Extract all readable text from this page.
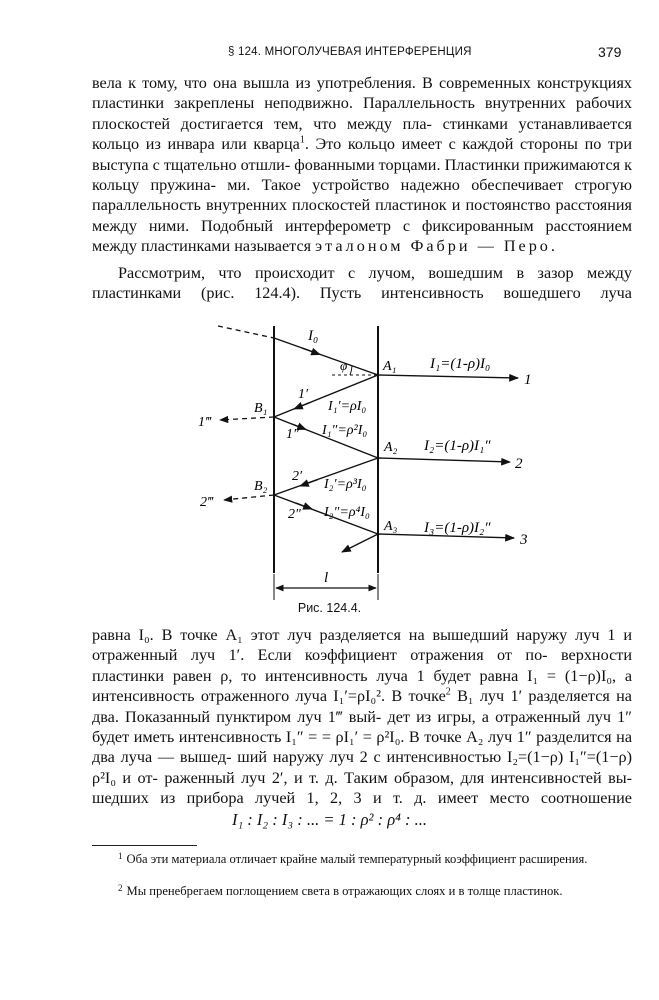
§ 124. МНОГОЛУЧЕВАЯ ИНТЕРФЕРЕНЦИЯ	379
вела к тому, что она вышла из употребления. В современных конструкциях пластинки закреплены неподвижно. Параллельность внутренних рабочих плоскостей достигается тем, что между пла- стинками устанавливается кольцо из инвара или кварца$^1$. Это кольцо имеет с каждой стороны по три выступа с тщательно отшли- фованными торцами. Пластинки прижимаются к кольцу пружина- ми. Такое устройство надежно обеспечивает строгую параллельность внутренних плоскостей пластинок и постоянство расстояния между ними. Подобный интерферометр с фиксированным расстоянием между пластинками называется эталоном Фабри — Перо.
Рассмотрим, что происходит с лучом, вошедшим в зазор между пластинками (рис. 124.4). Пусть интенсивность вошедшего луча
I₀
φ	A₁ I₁=(1-ρ)I₀
1
1′
I₁′=ρI₀
B₁
1‴
1″ I₁″=ρ²I₀
A₂ I₂=(1-ρ)I₁″
2
2′
I₂′=ρ³I₀
B₂
2‴
2″ I₂″=ρ⁴I₀
A₃ I₃=(1-ρ)I₂″
3
l
Рис. 124.4.
равна I₀. В точке A₁ этот луч разделяется на вышедший наружу луч 1 и отраженный луч 1′. Если коэффициент отражения от по- верхности пластинки равен ρ, то интенсивность луча 1 будет равна I₁ = (1−ρ)I₀, а интенсивность отраженного луча I₁′=ρI₀². В точке$^2$ B₁ луч 1′ разделяется на два. Показанный пунктиром луч 1‴ вый- дет из игры, а отраженный луч 1″ будет иметь интенсивность I₁″ = = ρI₁′ = ρ²I₀. В точке A₂ луч 1″ разделится на два луча — вышед- ший наружу луч 2 с интенсивностью I₂=(1−ρ) I₁″=(1−ρ) ρ²I₀ и от- раженный луч 2′, и т. д. Таким образом, для интенсивностей вы- шедших из прибора лучей 1, 2, 3 и т. д. имеет место соотношение
I₁ : I₂ : I₃ : ... = 1 : ρ² : ρ⁴ : ...
$^1$ Оба эти материала отличает крайне малый температурный коэффициент расширения.
$^2$ Мы пренебрегаем поглощением света в отражающих слоях и в толще пластинок.
